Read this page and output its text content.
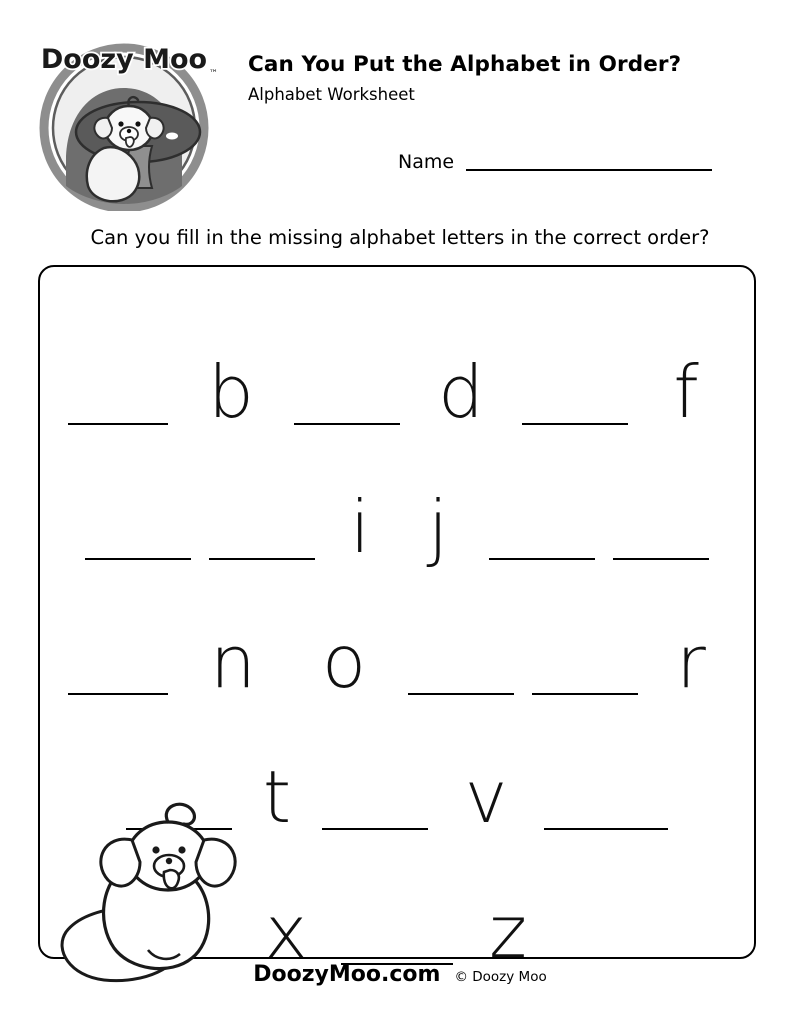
Doozy Moo ™ Can You Put the Alphabet in Order?
Alphabet Worksheet
Name
Can you fill in the missing alphabet letters in the correct order?
b	d	f
i j
n o	r
t v
x	z
DoozyMoo.com © Doozy Moo
